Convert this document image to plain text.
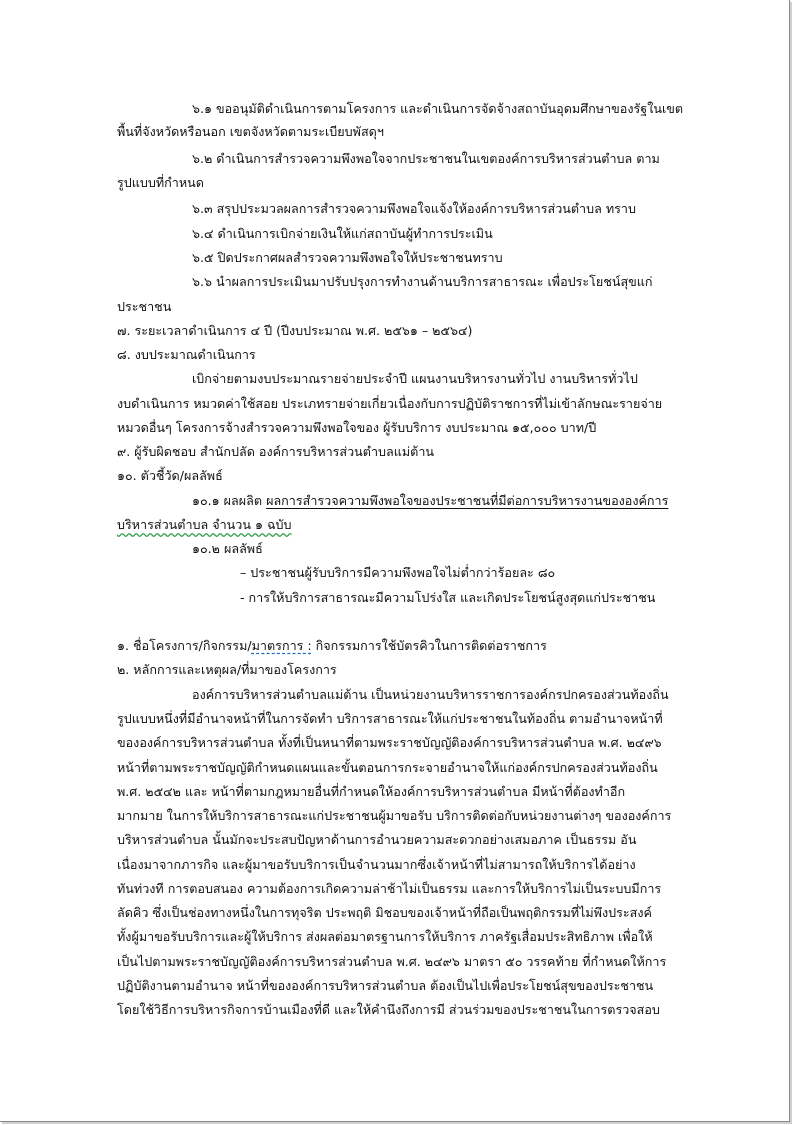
๖.๑ ขออนุมัติดำเนินการตามโครงการ และดำเนินการจัดจ้างสถาบันอุดมศึกษาของรัฐในเขต
พื้นที่จังหวัดหรือนอก เขตจังหวัดตามระเบียบพัสดุฯ
๖.๒ ดำเนินการสำรวจความพึงพอใจจากประชาชนในเขตองค์การบริหารส่วนตำบล ตาม
รูปแบบที่กำหนด
๖.๓ สรุปประมวลผลการสำรวจความพึงพอใจแจ้งให้องค์การบริหารส่วนตำบล ทราบ
๖.๔ ดำเนินการเบิกจ่ายเงินให้แก่สถาบันผู้ทำการประเมิน
๖.๕ ปิดประกาศผลสำรวจความพึงพอใจให้ประชาชนทราบ
๖.๖ นำผลการประเมินมาปรับปรุงการทำงานด้านบริการสาธารณะ เพื่อประโยชน์สุขแก่
ประชาชน
๗. ระยะเวลาดำเนินการ ๔ ปี (ปีงบประมาณ พ.ศ. ๒๕๖๑ – ๒๕๖๔)
๘. งบประมาณดำเนินการ
เบิกจ่ายตามงบประมาณรายจ่ายประจำปี แผนงานบริหารงานทั่วไป งานบริหารทั่วไป
งบดำเนินการ หมวดค่าใช้สอย ประเภทรายจ่ายเกี่ยวเนื่องกับการปฏิบัติราชการที่ไม่เข้าลักษณะรายจ่าย
หมวดอื่นๆ โครงการจ้างสำรวจความพึงพอใจของ ผู้รับบริการ งบประมาณ ๑๕,๐๐๐ บาท/ปี
๙. ผู้รับผิดชอบ สำนักปลัด องค์การบริหารส่วนตำบลแม่ต้าน
๑๐. ตัวชี้วัด/ผลลัพธ์
๑๐.๑ ผลผลิต ผลการสำรวจความพึงพอใจของประชาชนที่มีต่อการบริหารงานขององค์การ
บริหารส่วนตำบล จำนวน ๑ ฉบับ
๑๐.๒ ผลลัพธ์
– ประชาชนผู้รับบริการมีความพึงพอใจไม่ต่ำกว่าร้อยละ ๘๐
- การให้บริการสาธารณะมีความโปร่งใส และเกิดประโยชน์สูงสุดแก่ประชาชน
๑. ชื่อโครงการ/กิจกรรม/มาตรการ : กิจกรรมการใช้บัตรคิวในการติดต่อราชการ
๒. หลักการและเหตุผล/ที่มาของโครงการ
องค์การบริหารส่วนตำบลแม่ต้าน เป็นหน่วยงานบริหารราชการองค์กรปกครองส่วนท้องถิ่น
รูปแบบหนึ่งที่มีอำนาจหน้าที่ในการจัดทำ บริการสาธารณะให้แก่ประชาชนในท้องถิ่น ตามอำนาจหน้าที่
ขององค์การบริหารส่วนตำบล ทั้งที่เป็นหนาที่ตามพระราชบัญญัติองค์การบริหารส่วนตำบล พ.ศ. ๒๔๙๖
หน้าที่ตามพระราชบัญญัติกำหนดแผนและขั้นตอนการกระจายอำนาจให้แก่องค์กรปกครองส่วนท้องถิ่น
พ.ศ. ๒๕๔๒ และ หน้าที่ตามกฎหมายอื่นที่กำหนดให้องค์การบริหารส่วนตำบล มีหน้าที่ต้องทำอีก
มากมาย ในการให้บริการสาธารณะแก่ประชาชนผู้มาขอรับ บริการติดต่อกับหน่วยงานต่างๆ ขององค์การ
บริหารส่วนตำบล นั้นมักจะประสบปัญหาด้านการอำนวยความสะดวกอย่างเสมอภาค เป็นธรรม อัน
เนื่องมาจากภารกิจ และผู้มาขอรับบริการเป็นจำนวนมากซึ่งเจ้าหน้าที่ไม่สามารถให้บริการได้อย่าง
ทันท่วงที การตอบสนอง ความต้องการเกิดความล่าช้าไม่เป็นธรรม และการให้บริการไม่เป็นระบบมีการ
ลัดคิว ซึ่งเป็นช่องทางหนึ่งในการทุจริต ประพฤติ มิชอบของเจ้าหน้าที่ถือเป็นพฤติกรรมที่ไม่พึงประสงค์
ทั้งผู้มาขอรับบริการและผู้ให้บริการ ส่งผลต่อมาตรฐานการให้บริการ ภาครัฐเสื่อมประสิทธิภาพ เพื่อให้
เป็นไปตามพระราชบัญญัติองค์การบริหารส่วนตำบล พ.ศ. ๒๔๙๖ มาตรา ๕๐ วรรคท้าย ที่กำหนดให้การ
ปฏิบัติงานตามอำนาจ หน้าที่ขององค์การบริหารส่วนตำบล ต้องเป็นไปเพื่อประโยชน์สุขของประชาชน
โดยใช้วิธีการบริหารกิจการบ้านเมืองที่ดี และให้คำนึงถึงการมี ส่วนร่วมของประชาชนในการตรวจสอบ
